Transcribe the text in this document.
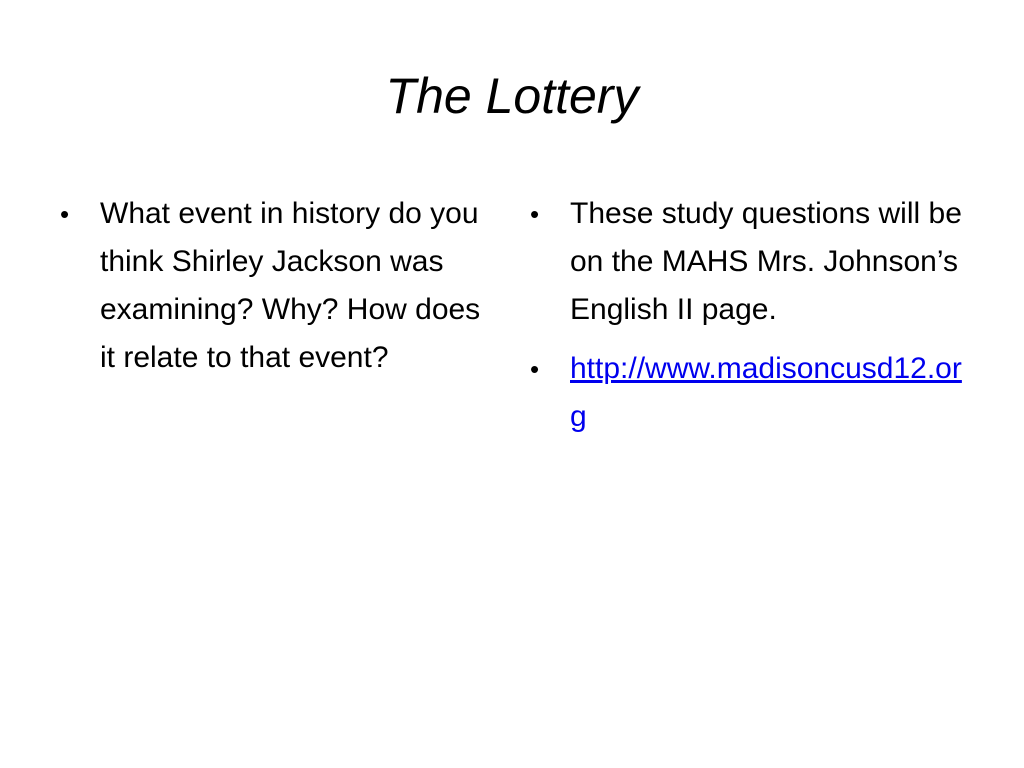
The Lottery
•	What event in history do you think Shirley Jackson was examining? Why? How does it relate to that event?
•	These study questions will be on the MAHS Mrs. Johnson’s English II page.
•	http://www.madisoncusd12.org
